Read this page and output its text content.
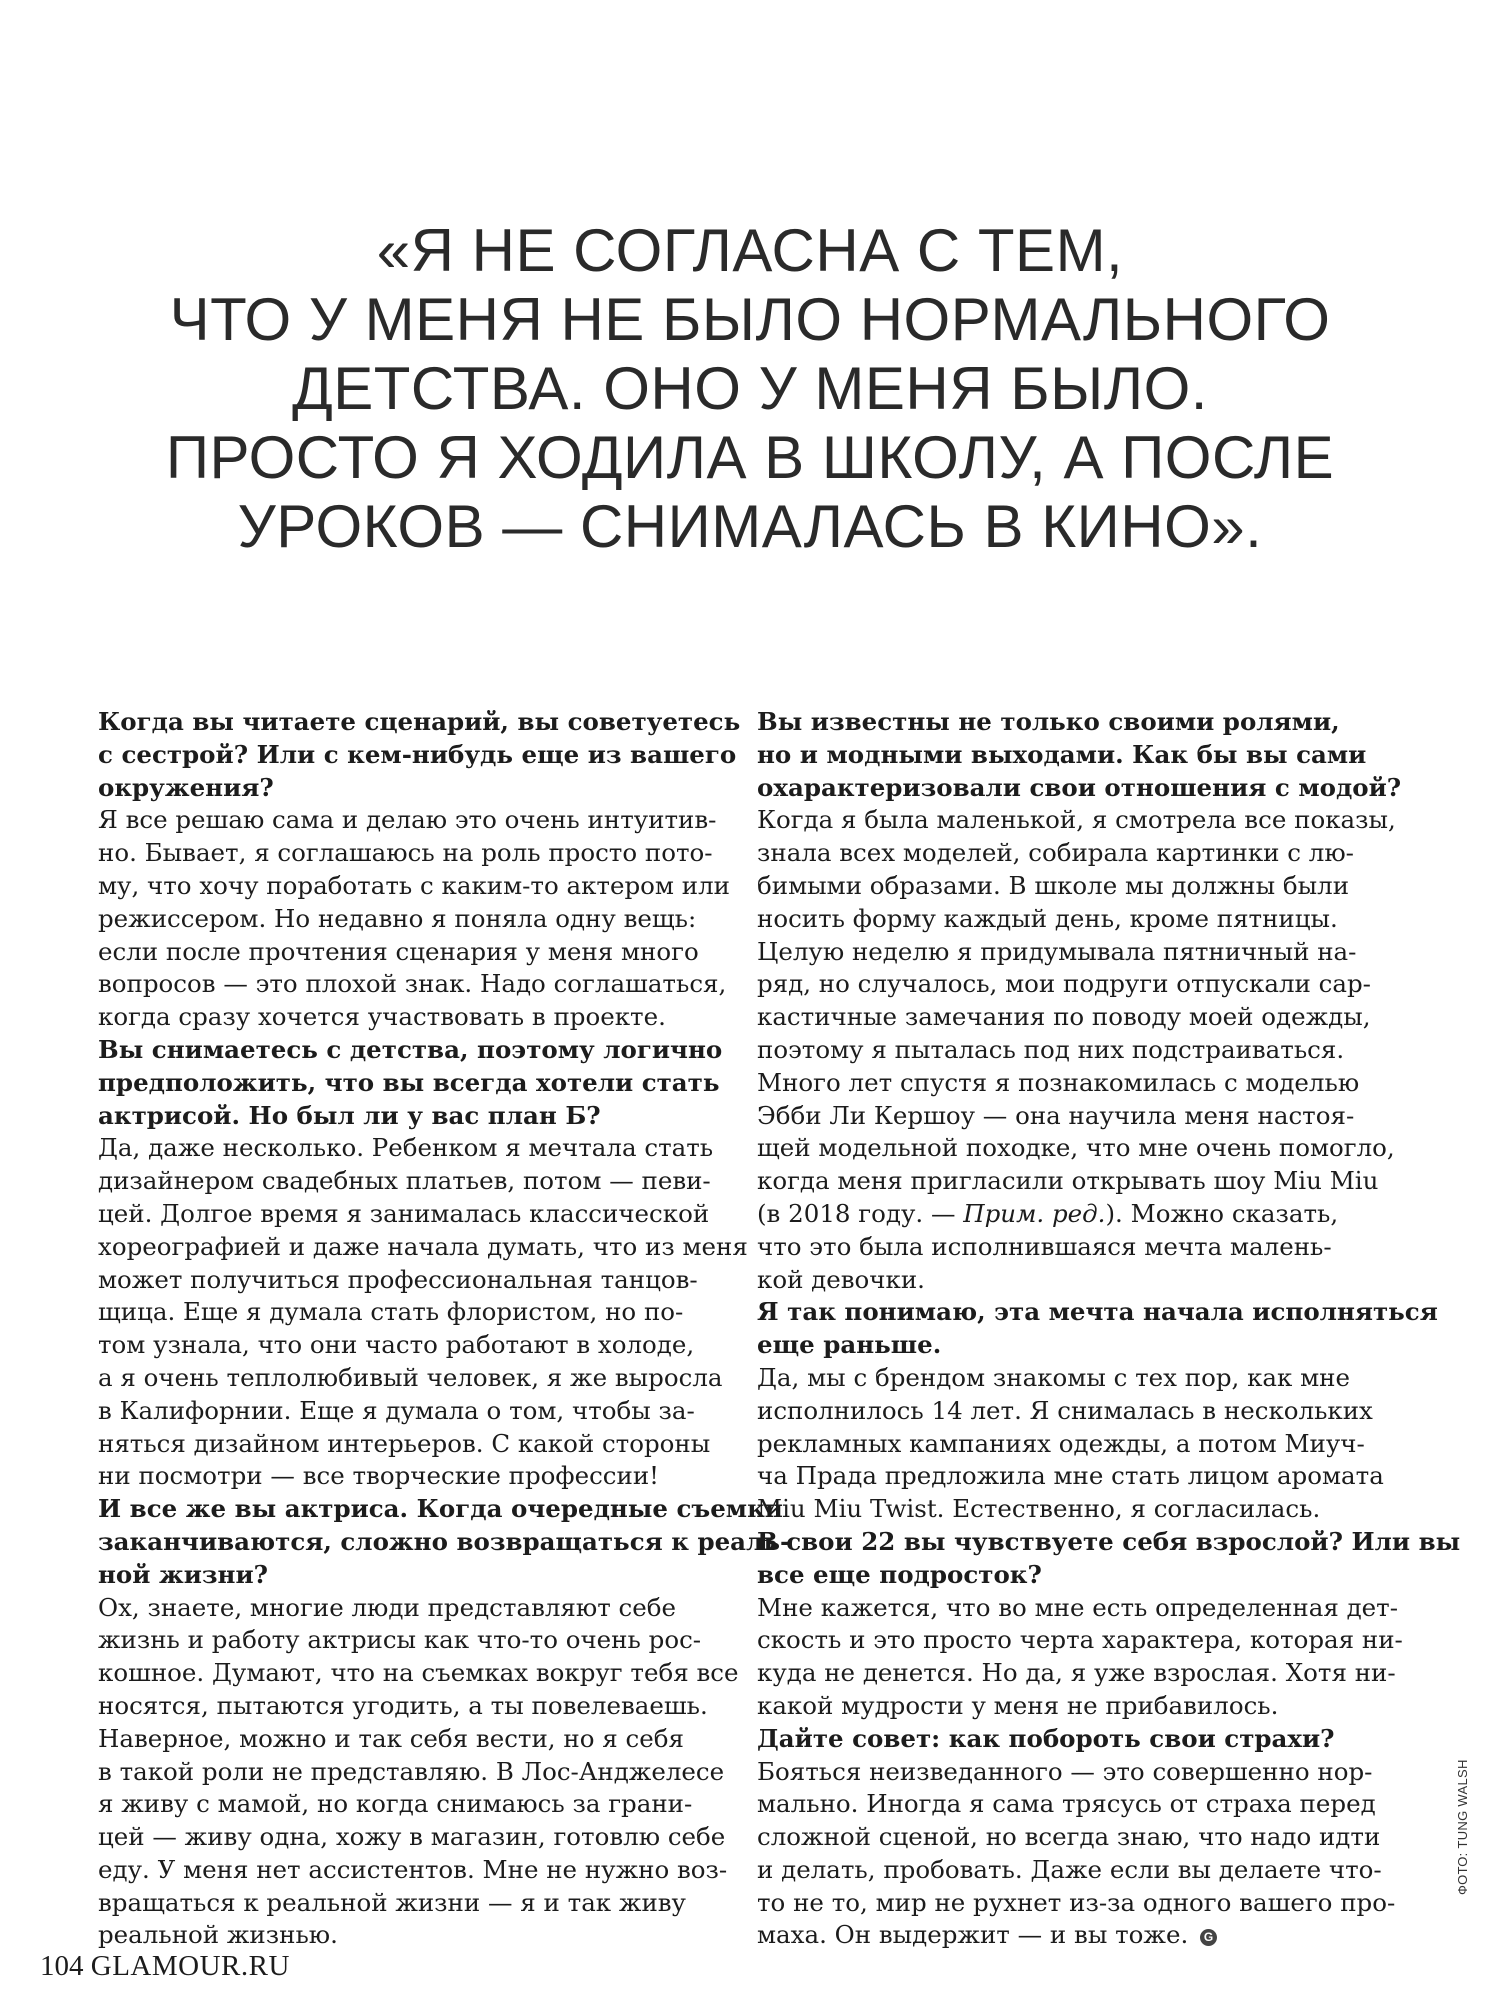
«Я НЕ СОГЛАСНА С ТЕМ,
ЧТО У МЕНЯ НЕ БЫЛО НОРМАЛЬНОГО
ДЕТСТВА. ОНО У МЕНЯ БЫЛО.
ПРОСТО Я ХОДИЛА В ШКОЛУ, А ПОСЛЕ
УРОКОВ — СНИМАЛАСЬ В КИНО».
Когда вы читаете сценарий, вы советуетесь
с сестрой? Или с кем-нибудь еще из вашего
окружения?
Я все решаю сама и делаю это очень интуитив-
но. Бывает, я соглашаюсь на роль просто пото-
му, что хочу поработать с каким-то актером или
режиссером. Но недавно я поняла одну вещь:
если после прочтения сценария у меня много
вопросов — это плохой знак. Надо соглашаться,
когда сразу хочется участвовать в проекте.
Вы снимаетесь с детства, поэтому логично
предположить, что вы всегда хотели стать
актрисой. Но был ли у вас план Б?
Да, даже несколько. Ребенком я мечтала стать
дизайнером свадебных платьев, потом — певи-
цей. Долгое время я занималась классической
хореографией и даже начала думать, что из меня
может получиться профессиональная танцов-
щица. Еще я думала стать флористом, но по-
том узнала, что они часто работают в холоде,
а я очень теплолюбивый человек, я же выросла
в Калифорнии. Еще я думала о том, чтобы за-
няться дизайном интерьеров. С какой стороны
ни посмотри — все творческие профессии!
И все же вы актриса. Когда очередные съемки
заканчиваются, сложно возвращаться к реаль-
ной жизни?
Ох, знаете, многие люди представляют себе
жизнь и работу актрисы как что-то очень рос-
кошное. Думают, что на съемках вокруг тебя все
носятся, пытаются угодить, а ты повелеваешь.
Наверное, можно и так себя вести, но я себя
в такой роли не представляю. В Лос-Анджелесе
я живу с мамой, но когда снимаюсь за грани-
цей — живу одна, хожу в магазин, готовлю себе
еду. У меня нет ассистентов. Мне не нужно воз-
вращаться к реальной жизни — я и так живу
реальной жизнью.
Вы известны не только своими ролями,
но и модными выходами. Как бы вы сами
охарактеризовали свои отношения с модой?
Когда я была маленькой, я смотрела все показы,
знала всех моделей, собирала картинки с лю-
бимыми образами. В школе мы должны были
носить форму каждый день, кроме пятницы.
Целую неделю я придумывала пятничный на-
ряд, но случалось, мои подруги отпускали сар-
кастичные замечания по поводу моей одежды,
поэтому я пыталась под них подстраиваться.
Много лет спустя я познакомилась с моделью
Эбби Ли Кершоу — она научила меня настоя-
щей модельной походке, что мне очень помогло,
когда меня пригласили открывать шоу Miu Miu
(в 2018 году. — Прим. ред.). Можно сказать,
что это была исполнившаяся мечта малень-
кой девочки.
Я так понимаю, эта мечта начала исполняться
еще раньше.
Да, мы с брендом знакомы с тех пор, как мне
исполнилось 14 лет. Я снималась в нескольких
рекламных кампаниях одежды, а потом Миуч-
ча Прада предложила мне стать лицом аромата
Miu Miu Twist. Естественно, я согласилась.
В свои 22 вы чувствуете себя взрослой? Или вы
все еще подросток?
Мне кажется, что во мне есть определенная дет-
скость и это просто черта характера, которая ни-
куда не денется. Но да, я уже взрослая. Хотя ни-
какой мудрости у меня не прибавилось.
Дайте совет: как побороть свои страхи?
Бояться неизведанного — это совершенно нор-
мально. Иногда я сама трясусь от страха перед
сложной сценой, но всегда знаю, что надо идти
и делать, пробовать. Даже если вы делаете что-
то не то, мир не рухнет из-за одного вашего про-
маха. Он выдержит — и вы тоже. G
ФОТО: TUNG WALSH
104 GLAMOUR.RU
